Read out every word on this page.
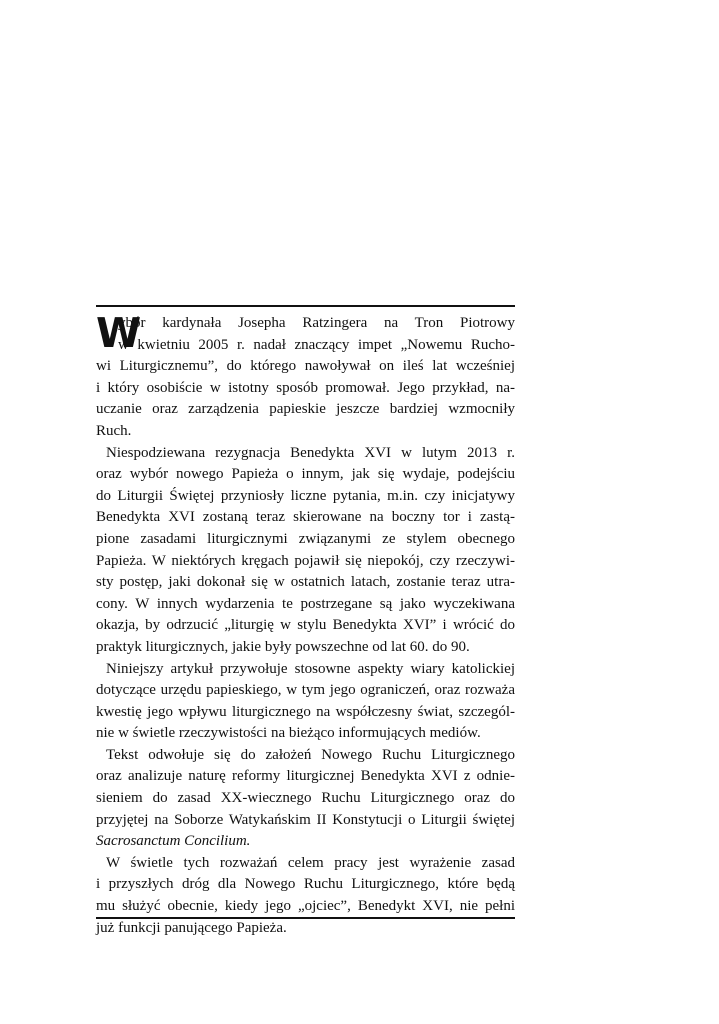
W
ybór kardynała Josepha Ratzingera na Tron Piotrowy
w kwietniu 2005 r. nadał znaczący impet „Nowemu Rucho-
wi Liturgicznemu”, do którego nawoływał on ileś lat wcześniej
i który osobiście w istotny sposób promował. Jego przykład, na-
uczanie oraz zarządzenia papieskie jeszcze bardziej wzmocniły
Ruch.
Niespodziewana rezygnacja Benedykta XVI w lutym 2013 r.
oraz wybór nowego Papieża o innym, jak się wydaje, podejściu
do Liturgii Świętej przyniosły liczne pytania, m.in. czy inicjatywy
Benedykta XVI zostaną teraz skierowane na boczny tor i zastą-
pione zasadami liturgicznymi związanymi ze stylem obecnego
Papieża. W niektórych kręgach pojawił się niepokój, czy rzeczywi-
sty postęp, jaki dokonał się w ostatnich latach, zostanie teraz utra-
cony. W innych wydarzenia te postrzegane są jako wyczekiwana
okazja, by odrzucić „liturgię w stylu Benedykta XVI” i wrócić do
praktyk liturgicznych, jakie były powszechne od lat 60. do 90.
Niniejszy artykuł przywołuje stosowne aspekty wiary katolickiej
dotyczące urzędu papieskiego, w tym jego ograniczeń, oraz rozważa
kwestię jego wpływu liturgicznego na współczesny świat, szczegól-
nie w świetle rzeczywistości na bieżąco informujących mediów.
Tekst odwołuje się do założeń Nowego Ruchu Liturgicznego
oraz analizuje naturę reformy liturgicznej Benedykta XVI z odnie-
sieniem do zasad XX-wiecznego Ruchu Liturgicznego oraz do
przyjętej na Soborze Watykańskim II Konstytucji o Liturgii świętej
Sacrosanctum Concilium.
W świetle tych rozważań celem pracy jest wyrażenie zasad
i przyszłych dróg dla Nowego Ruchu Liturgicznego, które będą
mu służyć obecnie, kiedy jego „ojciec”, Benedykt XVI, nie pełni
już funkcji panującego Papieża.
